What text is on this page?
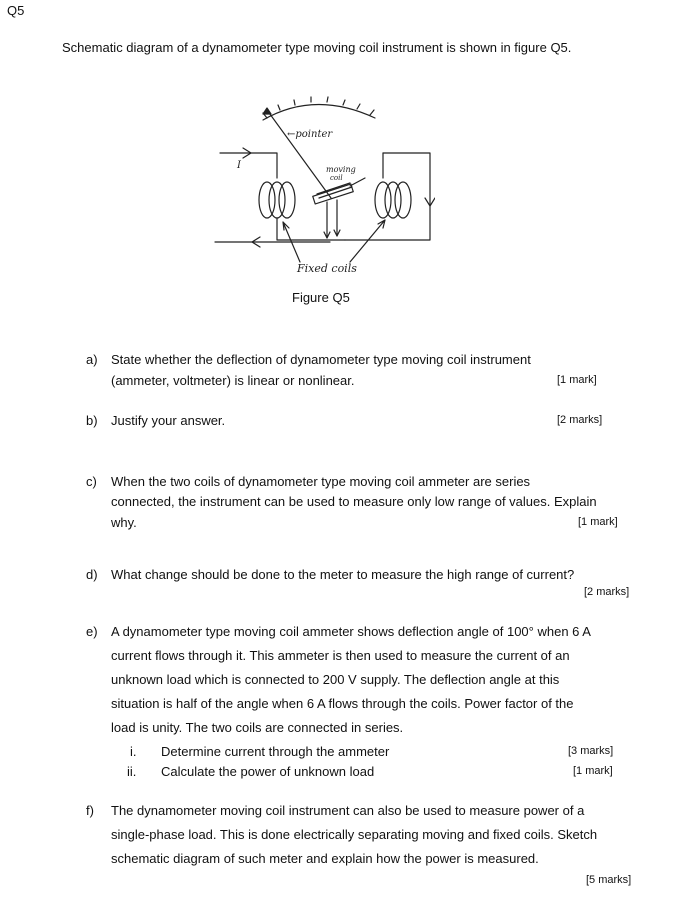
Q5
Schematic diagram of a dynamometer type moving coil instrument is shown in figure Q5.
←pointer
I	moving
coil
Fixed coils
Figure Q5
a) State whether the deflection of dynamometer type moving coil instrument
(ammeter, voltmeter) is linear or nonlinear.	[1 mark]
b) Justify your answer.	[2 marks]
c) When the two coils of dynamometer type moving coil ammeter are series
connected, the instrument can be used to measure only low range of values. Explain
why.	[1 mark]
d) What change should be done to the meter to measure the high range of current?
[2 marks]
e) A dynamometer type moving coil ammeter shows deflection angle of 100° when 6 A
current flows through it. This ammeter is then used to measure the current of an
unknown load which is connected to 200 V supply. The deflection angle at this
situation is half of the angle when 6 A flows through the coils. Power factor of the
load is unity. The two coils are connected in series.
i. Determine current through the ammeter	[3 marks]
ii. Calculate the power of unknown load	[1 mark]
f) The dynamometer moving coil instrument can also be used to measure power of a
single-phase load. This is done electrically separating moving and fixed coils. Sketch
schematic diagram of such meter and explain how the power is measured.
[5 marks]
